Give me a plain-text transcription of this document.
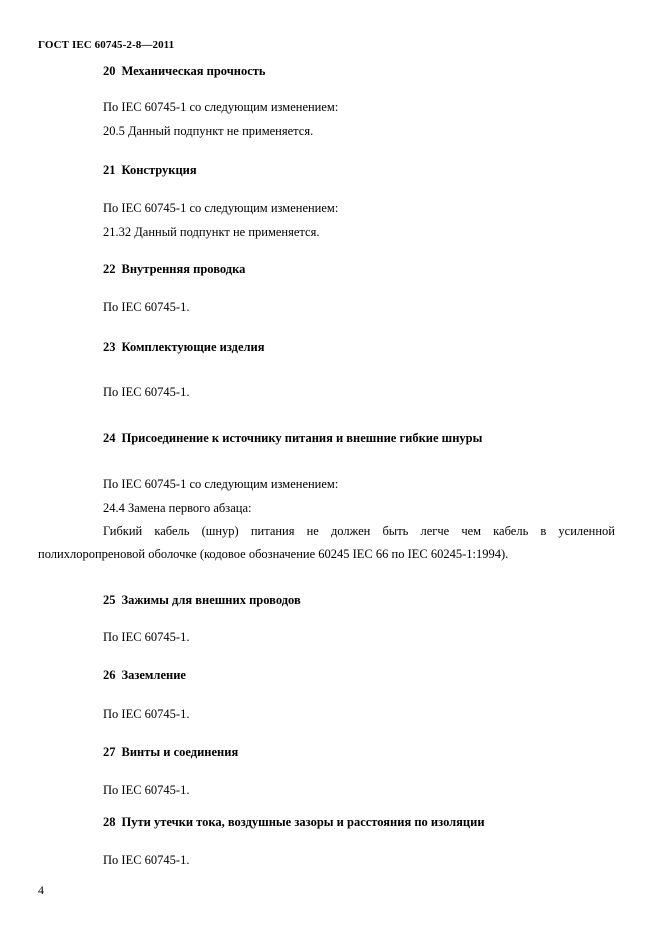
ГОСТ IEC 60745-2-8—2011
20 Механическая прочность
По IEC 60745-1 со следующим изменением:
20.5 Данный подпункт не применяется.
21 Конструкция
По IEC 60745-1 со следующим изменением:
21.32 Данный подпункт не применяется.
22 Внутренняя проводка
По IEC 60745-1.
23 Комплектующие изделия
По IEC 60745-1.
24 Присоединение к источнику питания и внешние гибкие шнуры
По IEC 60745-1 со следующим изменением:
24.4 Замена первого абзаца:
Гибкий кабель (шнур) питания не должен быть легче чем кабель в усиленной
полихлоропреновой оболочке (кодовое обозначение 60245 IEC 66 по IEC 60245-1:1994).
25 Зажимы для внешних проводов
По IEC 60745-1.
26 Заземление
По IEC 60745-1.
27 Винты и соединения
По IEC 60745-1.
28 Пути утечки тока, воздушные зазоры и расстояния по изоляции
По IEC 60745-1.
4
